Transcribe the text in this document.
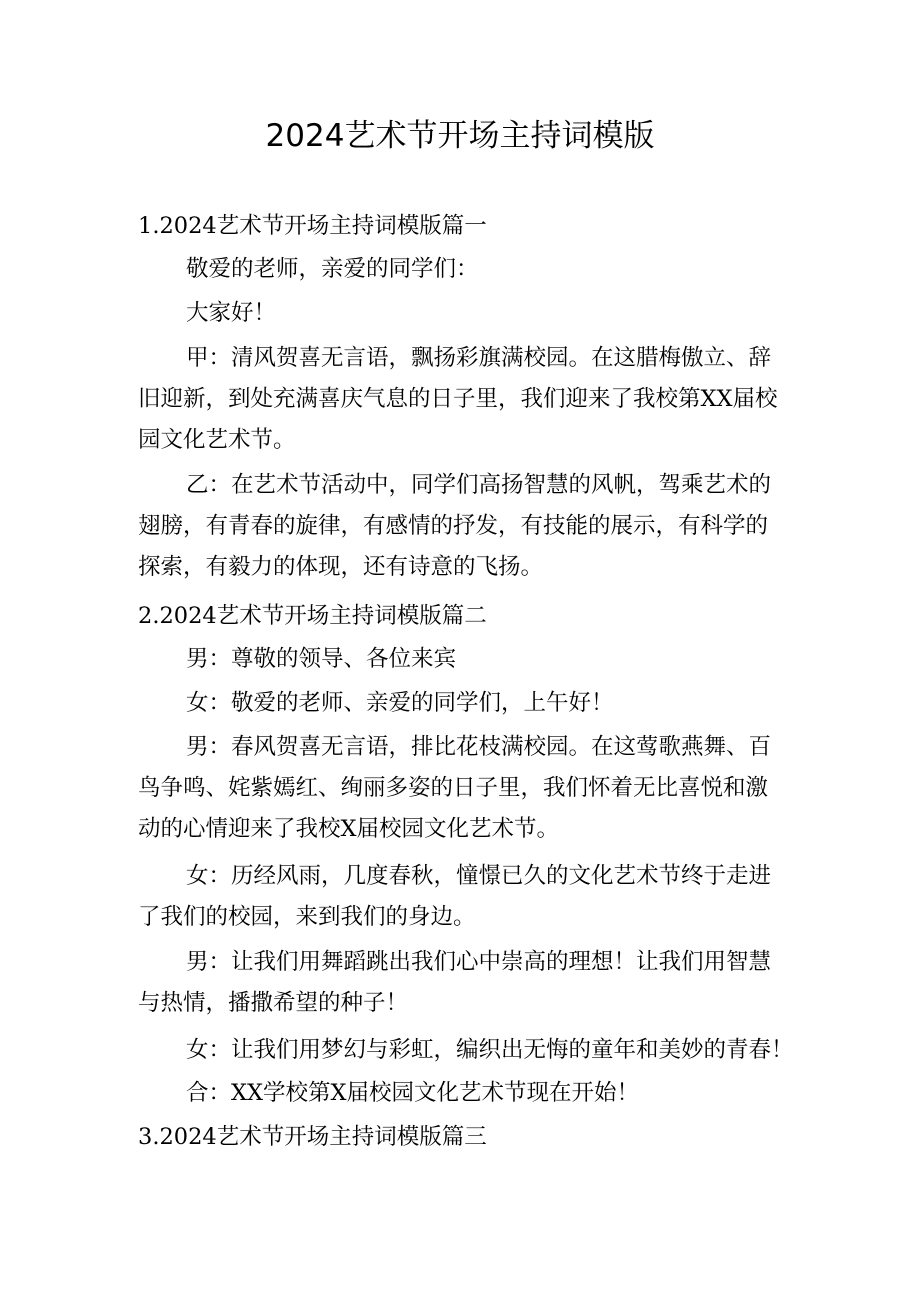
2024艺术节开场主持词模版
1.2024艺术节开场主持词模版篇一
敬爱的老师，亲爱的同学们：
大家好！
甲：清风贺喜无言语，飘扬彩旗满校园。在这腊梅傲立、辞
旧迎新，到处充满喜庆气息的日子里，我们迎来了我校第XX届校
园文化艺术节。
乙：在艺术节活动中，同学们高扬智慧的风帆，驾乘艺术的
翅膀，有青春的旋律，有感情的抒发，有技能的展示，有科学的
探索，有毅力的体现，还有诗意的飞扬。
2.2024艺术节开场主持词模版篇二
男：尊敬的领导、各位来宾
女：敬爱的老师、亲爱的同学们，上午好！
男：春风贺喜无言语，排比花枝满校园。在这莺歌燕舞、百
鸟争鸣、姹紫嫣红、绚丽多姿的日子里，我们怀着无比喜悦和激
动的心情迎来了我校X届校园文化艺术节。
女：历经风雨，几度春秋，憧憬已久的文化艺术节终于走进
了我们的校园，来到我们的身边。
男：让我们用舞蹈跳出我们心中崇高的理想！让我们用智慧
与热情，播撒希望的种子！
女：让我们用梦幻与彩虹，编织出无悔的童年和美妙的青春！
合：XX学校第X届校园文化艺术节现在开始！
3.2024艺术节开场主持词模版篇三
